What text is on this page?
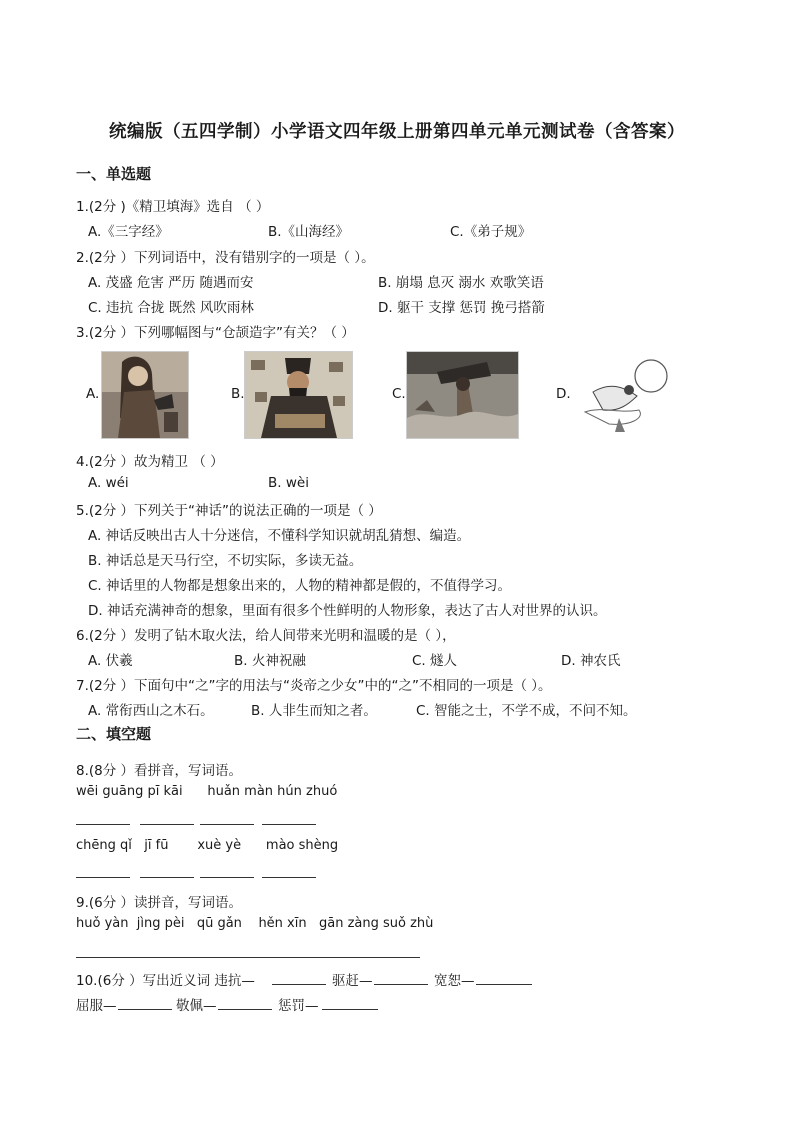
统编版（五四学制）小学语文四年级上册第四单元单元测试卷（含答案）
一、单选题
1.(2分 )《精卫填海》选自 （ ）
A.《三字经》	B.《山海经》	C.《弟子规》
2.(2分 ）下列词语中，没有错别字的一项是（ ）。
A. 茂盛 危害 严历 随遇而安	B. 崩塌 息灭 溺水 欢歌笑语
C. 违抗 合拢 既然 风吹雨林	D. 躯干 支撑 惩罚 挽弓搭箭
3.(2分 ）下列哪幅图与“仓颉造字”有关？（ ）
A.	B.	C.	D.
4.(2分 ）故为精卫 （ ）
A. wéi	B. wèi
5.(2分 ）下列关于“神话”的说法正确的一项是（ ）
A. 神话反映出古人十分迷信，不懂科学知识就胡乱猜想、编造。
B. 神话总是天马行空，不切实际，多读无益。
C. 神话里的人物都是想象出来的，人物的精神都是假的，不值得学习。
D. 神话充满神奇的想象，里面有很多个性鲜明的人物形象，表达了古人对世界的认识。
6.(2分 ）发明了钻木取火法，给人间带来光明和温暖的是（ ），
A. 伏羲	B. 火神祝融	C. 燧人	D. 神农氏
7.(2分 ）下面句中“之”字的用法与“炎帝之少女”中的“之”不相同的一项是（ ）。
A. 常衔西山之木石。	B. 人非生而知之者。	C. 智能之士，不学不成，不问不知。
二、填空题
8.(8分 ）看拼音，写词语。
wēi guāng pī kāi      huǎn màn hún zhuó
chēng qǐ   jī fū       xuè yè      mào shèng
9.(6分 ）读拼音，写词语。
huǒ yàn  jìng pèi   qū gǎn    hěn xīn   gān zàng suǒ zhù
10.(6分 ）写出近义词 违抗—	驱赶—	宽恕—
屈服—	敬佩—	惩罚—
